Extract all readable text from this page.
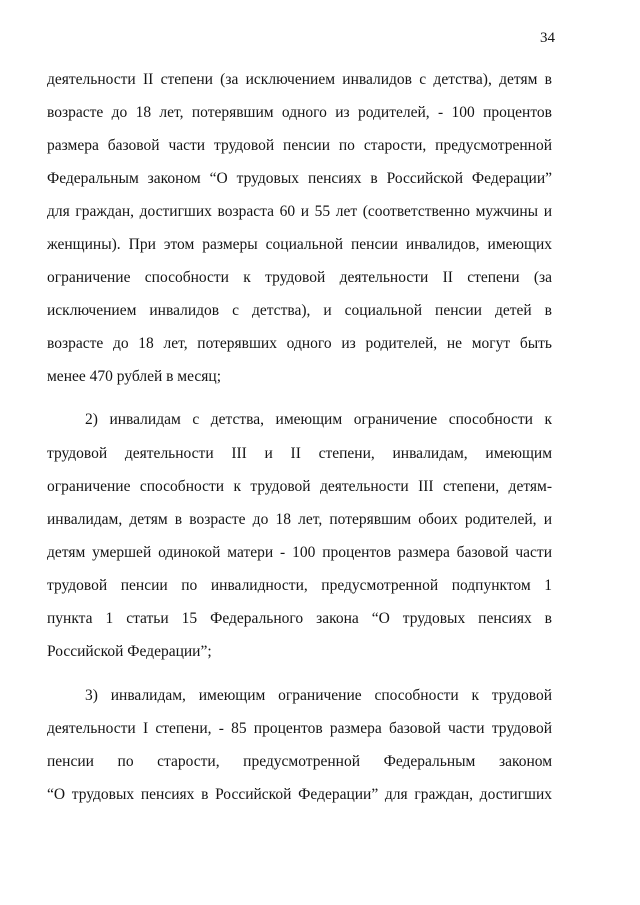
34
деятельности II степени (за исключением инвалидов с детства), детям в
возрасте до 18 лет, потерявшим одного из родителей, - 100 процентов
размера базовой части трудовой пенсии по старости, предусмотренной
Федеральным законом “О трудовых пенсиях в Российской Федерации”
для граждан, достигших возраста 60 и 55 лет (соответственно мужчины и
женщины). При этом размеры социальной пенсии инвалидов, имеющих
ограничение способности к трудовой деятельности II степени (за
исключением инвалидов с детства), и социальной пенсии детей в
возрасте до 18 лет, потерявших одного из родителей, не могут быть
менее 470 рублей в месяц;
2) инвалидам с детства, имеющим ограничение способности к
трудовой деятельности III и II степени, инвалидам, имеющим
ограничение способности к трудовой деятельности III степени, детям-
инвалидам, детям в возрасте до 18 лет, потерявшим обоих родителей, и
детям умершей одинокой матери - 100 процентов размера базовой части
трудовой пенсии по инвалидности, предусмотренной подпунктом 1
пункта 1 статьи 15 Федерального закона “О трудовых пенсиях в
Российской Федерации”;
3) инвалидам, имеющим ограничение способности к трудовой
деятельности I степени, - 85 процентов размера базовой части трудовой
пенсии по старости, предусмотренной Федеральным законом
“О трудовых пенсиях в Российской Федерации” для граждан, достигших
